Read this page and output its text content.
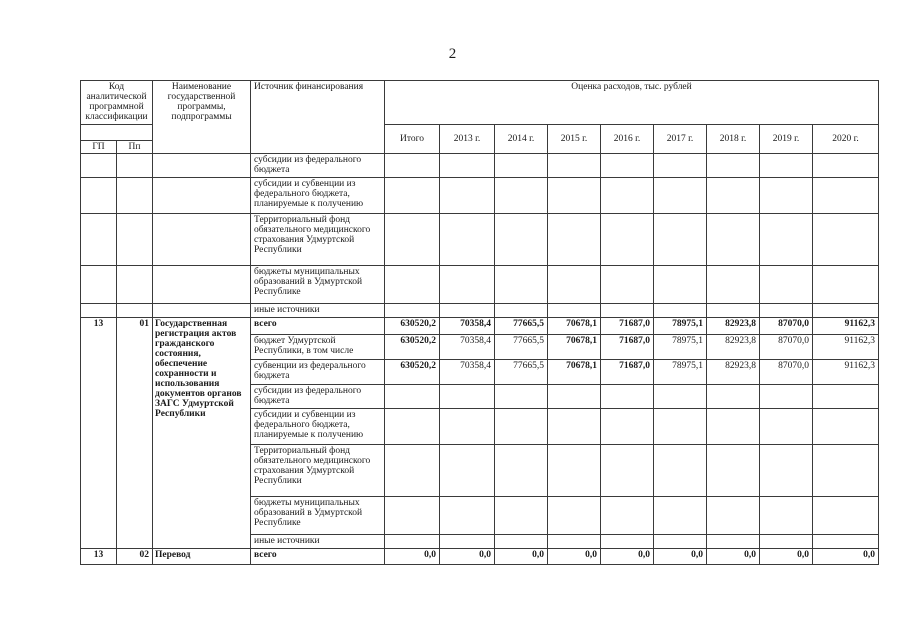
2
Код аналитической программной классификации		Наименование государственной программы, подпрограммы	Источник финансирования	Оценка расходов, тыс. рублей								
				Итого	2013 г.	2014 г.	2015 г.	2016 г.	2017 г.	2018 г.	2019 г.	2020 г.
ГП	Пп											
			субсидии из федерального бюджета									
			субсидии и субвенции из федерального бюджета, планируемые к получению									
			Территориальный фонд обязательного медицинского страхования Удмуртской Республики									
			бюджеты муниципальных образований в Удмуртской Республике									
			иные источники									
13	01	Государственная регистрация актов гражданского состояния, обеспечение сохранности и использования документов органов ЗАГС Удмуртской Республики	всего	630520,2	70358,4	77665,5	70678,1	71687,0	78975,1	82923,8	87070,0	91162,3
			бюджет Удмуртской Республики, в том числе	630520,2	70358,4	77665,5	70678,1	71687,0	78975,1	82923,8	87070,0	91162,3
			субвенции из федерального бюджета	630520,2	70358,4	77665,5	70678,1	71687,0	78975,1	82923,8	87070,0	91162,3
			субсидии из федерального бюджета									
			субсидии и субвенции из федерального бюджета, планируемые к получению									
			Территориальный фонд обязательного медицинского страхования Удмуртской Республики									
			бюджеты муниципальных образований в Удмуртской Республике									
			иные источники									
13	02	Перевод	всего	0,0	0,0	0,0	0,0	0,0	0,0	0,0	0,0	0,0
